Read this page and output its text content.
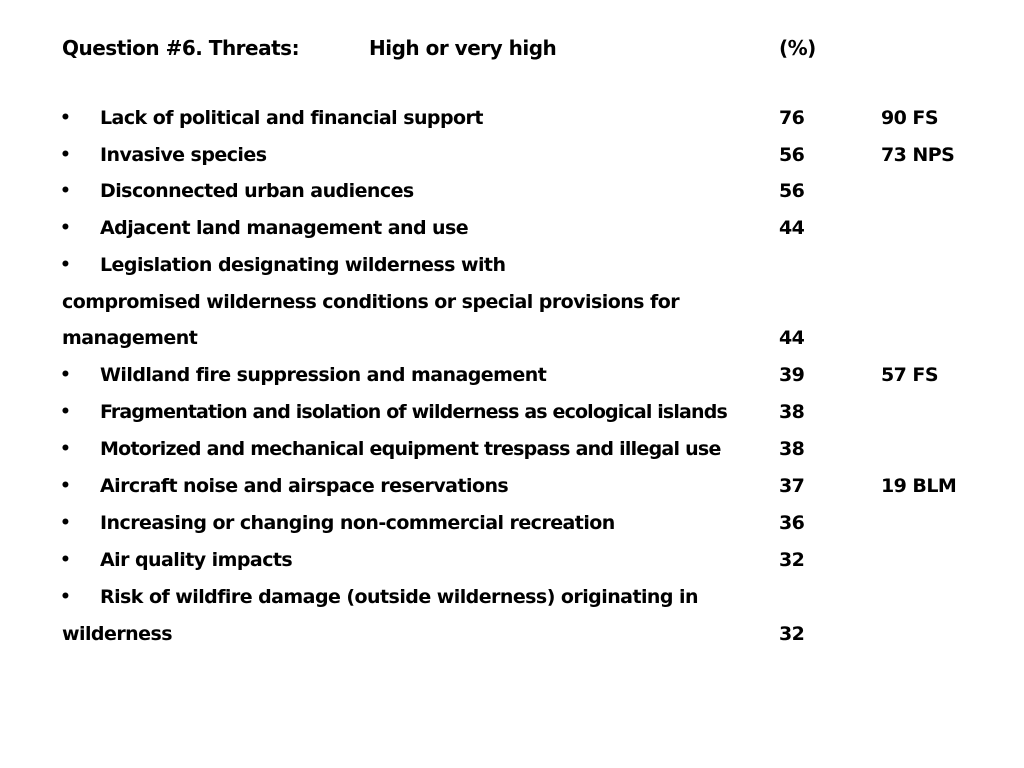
Question #6. Threats:	High or very high	(%)
• Lack of political and financial support	76	90 FS
• Invasive species	56	73 NPS
• Disconnected urban audiences	56
• Adjacent land management and use	44
• Legislation designating wilderness with
compromised wilderness conditions or special provisions for
management	44
• Wildland fire suppression and management	39	57 FS
• Fragmentation and isolation of wilderness as ecological islands	38
• Motorized and mechanical equipment trespass and illegal use	38
• Aircraft noise and airspace reservations	37	19 BLM
• Increasing or changing non-commercial recreation	36
• Air quality impacts	32
• Risk of wildfire damage (outside wilderness) originating in
wilderness	32
